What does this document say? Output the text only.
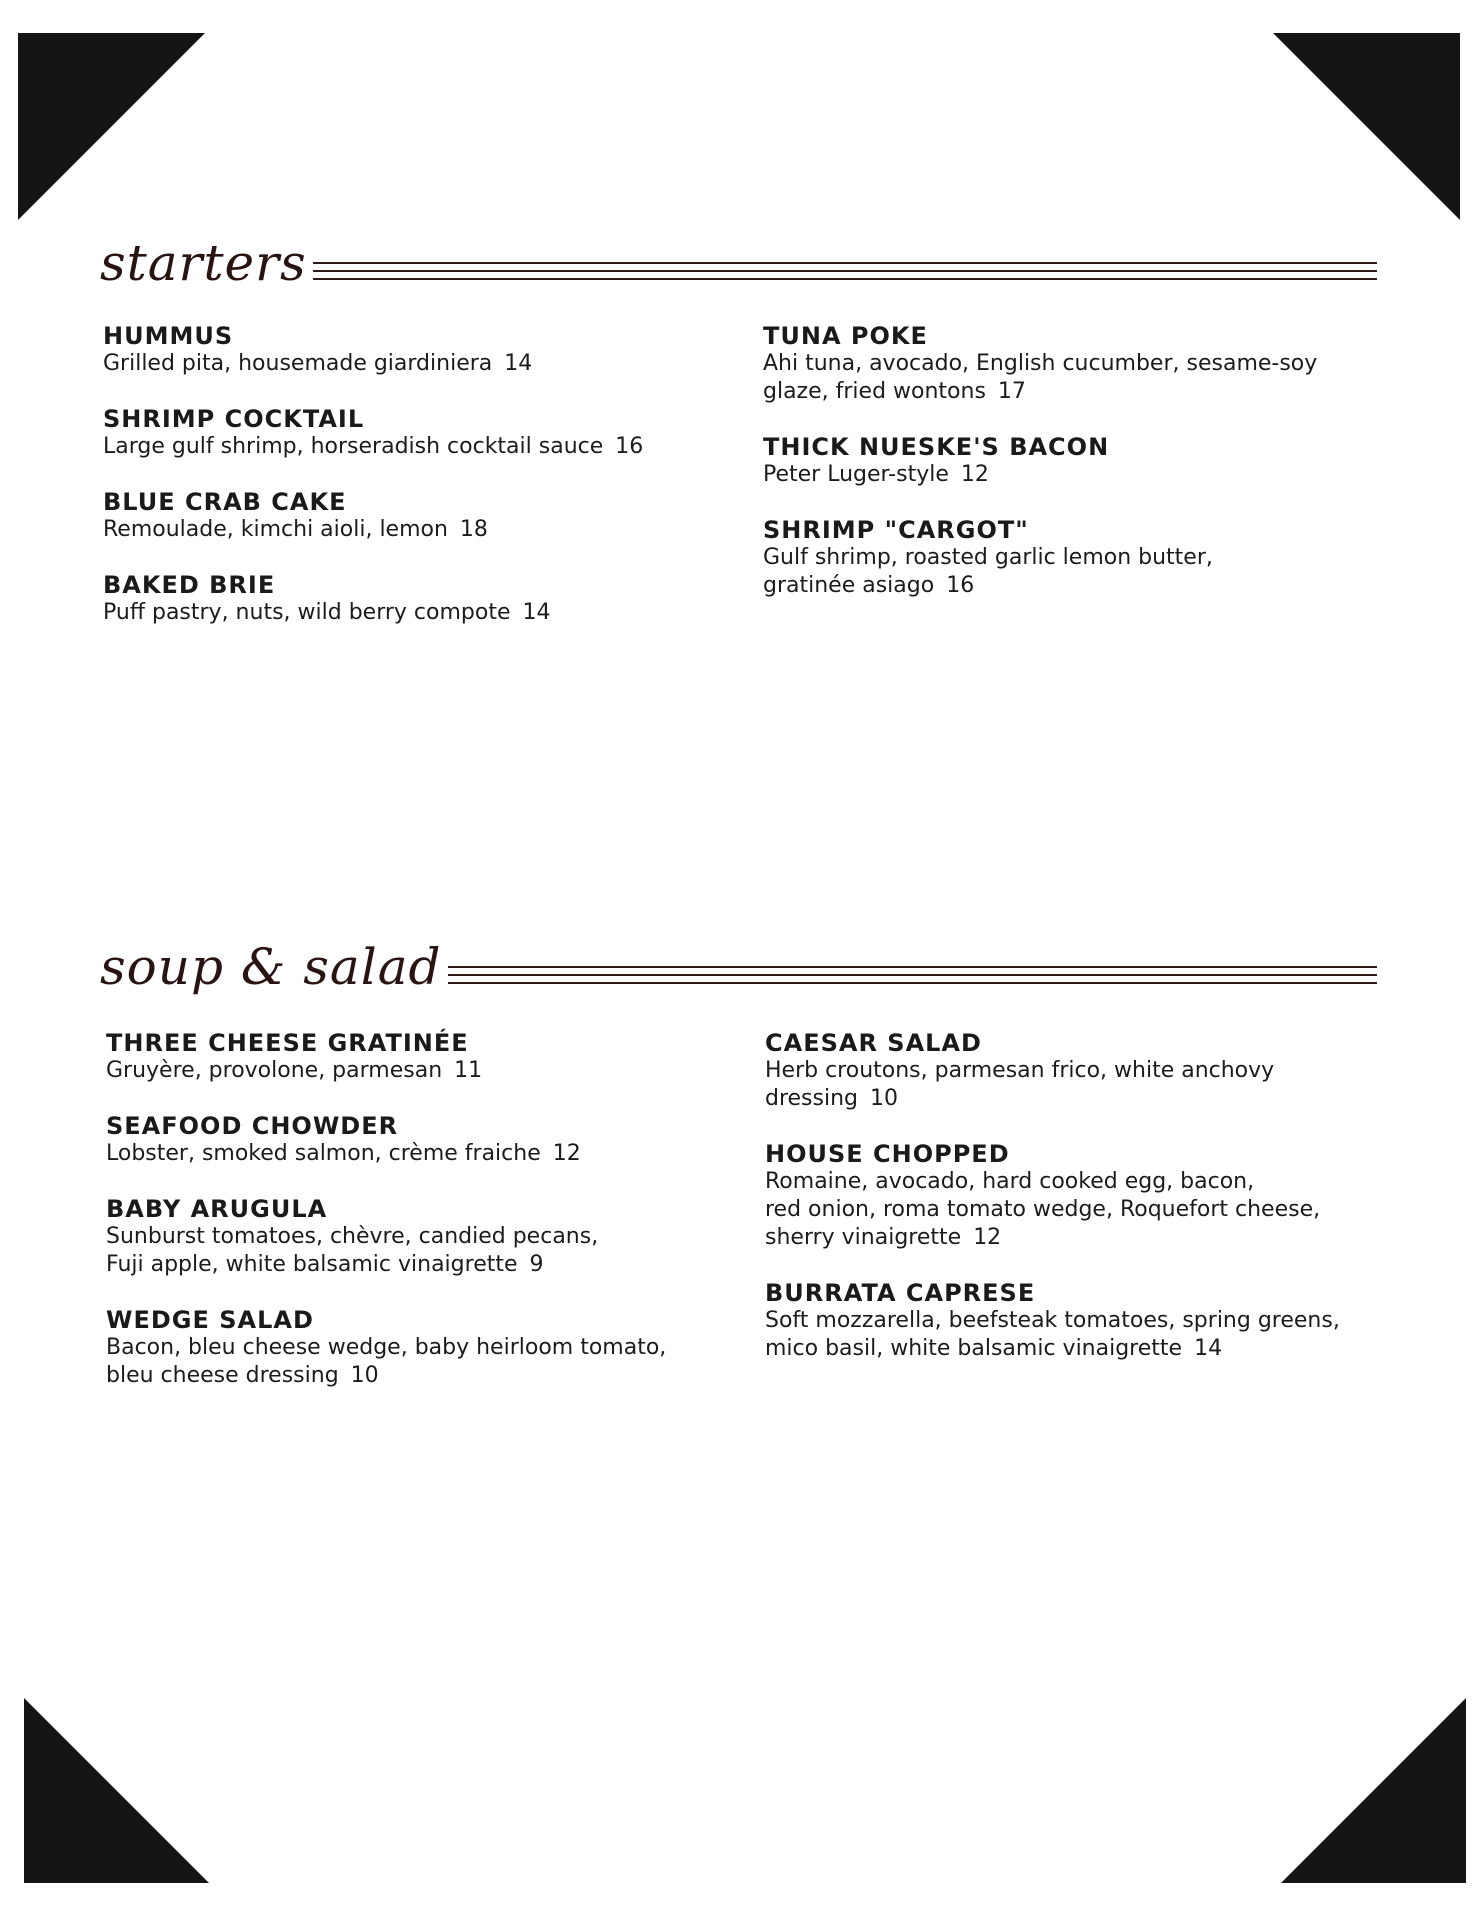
starters
HUMMUS
Grilled pita, housemade giardiniera 14
SHRIMP COCKTAIL
Large gulf shrimp, horseradish cocktail sauce 16
BLUE CRAB CAKE
Remoulade, kimchi aioli, lemon 18
BAKED BRIE
Puff pastry, nuts, wild berry compote 14
TUNA POKE
Ahi tuna, avocado, English cucumber, sesame-soy
glaze, fried wontons 17
THICK NUESKE'S BACON
Peter Luger-style 12
SHRIMP "CARGOT"
Gulf shrimp, roasted garlic lemon butter,
gratinée asiago 16
soup & salad
THREE CHEESE GRATINÉE
Gruyère, provolone, parmesan 11
SEAFOOD CHOWDER
Lobster, smoked salmon, crème fraiche 12
BABY ARUGULA
Sunburst tomatoes, chèvre, candied pecans,
Fuji apple, white balsamic vinaigrette 9
WEDGE SALAD
Bacon, bleu cheese wedge, baby heirloom tomato,
bleu cheese dressing 10
CAESAR SALAD
Herb croutons, parmesan frico, white anchovy
dressing 10
HOUSE CHOPPED
Romaine, avocado, hard cooked egg, bacon,
red onion, roma tomato wedge, Roquefort cheese,
sherry vinaigrette 12
BURRATA CAPRESE
Soft mozzarella, beefsteak tomatoes, spring greens,
mico basil, white balsamic vinaigrette 14
